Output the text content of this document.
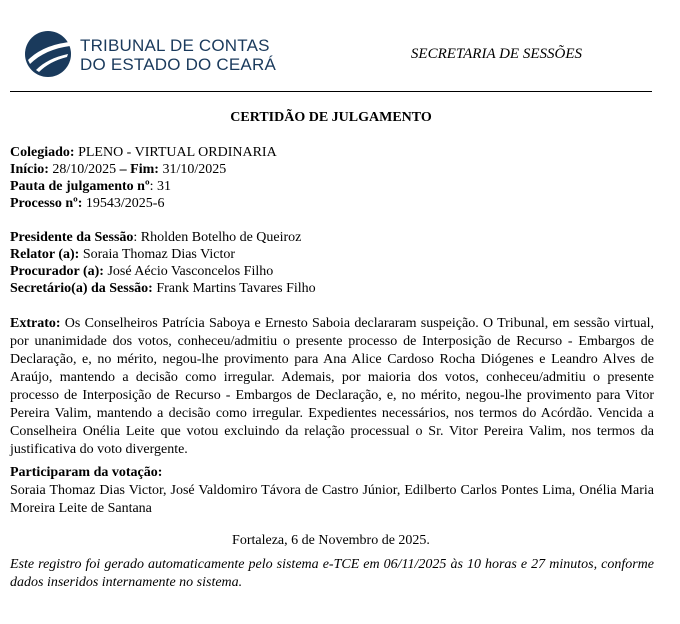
TRIBUNAL DE CONTAS
DO ESTADO DO CEARÁ
SECRETARIA DE SESSÕES
CERTIDÃO DE JULGAMENTO
Colegiado: PLENO - VIRTUAL ORDINARIA
Início: 28/10/2025 – Fim: 31/10/2025
Pauta de julgamento nº: 31
Processo nº: 19543/2025-6
Presidente da Sessão: Rholden Botelho de Queiroz
Relator (a): Soraia Thomaz Dias Victor
Procurador (a): José Aécio Vasconcelos Filho
Secretário(a) da Sessão: Frank Martins Tavares Filho
Extrato: Os Conselheiros Patrícia Saboya e Ernesto Saboia declararam suspeição. O Tribunal, em sessão virtual, por unanimidade dos votos, conheceu/admitiu o presente processo de Interposição de Recurso - Embargos de Declaração, e, no mérito, negou-lhe provimento para Ana Alice Cardoso Rocha Diógenes e Leandro Alves de Araújo, mantendo a decisão como irregular. Ademais, por maioria dos votos, conheceu/admitiu o presente processo de Interposição de Recurso - Embargos de Declaração, e, no mérito, negou-lhe provimento para Vitor Pereira Valim, mantendo a decisão como irregular. Expedientes necessários, nos termos do Acórdão. Vencida a Conselheira Onélia Leite que votou excluindo da relação processual o Sr. Vitor Pereira Valim, nos termos da justificativa do voto divergente.
Participaram da votação:
Soraia Thomaz Dias Victor, José Valdomiro Távora de Castro Júnior, Edilberto Carlos Pontes Lima, Onélia Maria Moreira Leite de Santana
Fortaleza, 6 de Novembro de 2025.
Este registro foi gerado automaticamente pelo sistema e-TCE em 06/11/2025 às 10 horas e 27 minutos, conforme dados inseridos internamente no sistema.
